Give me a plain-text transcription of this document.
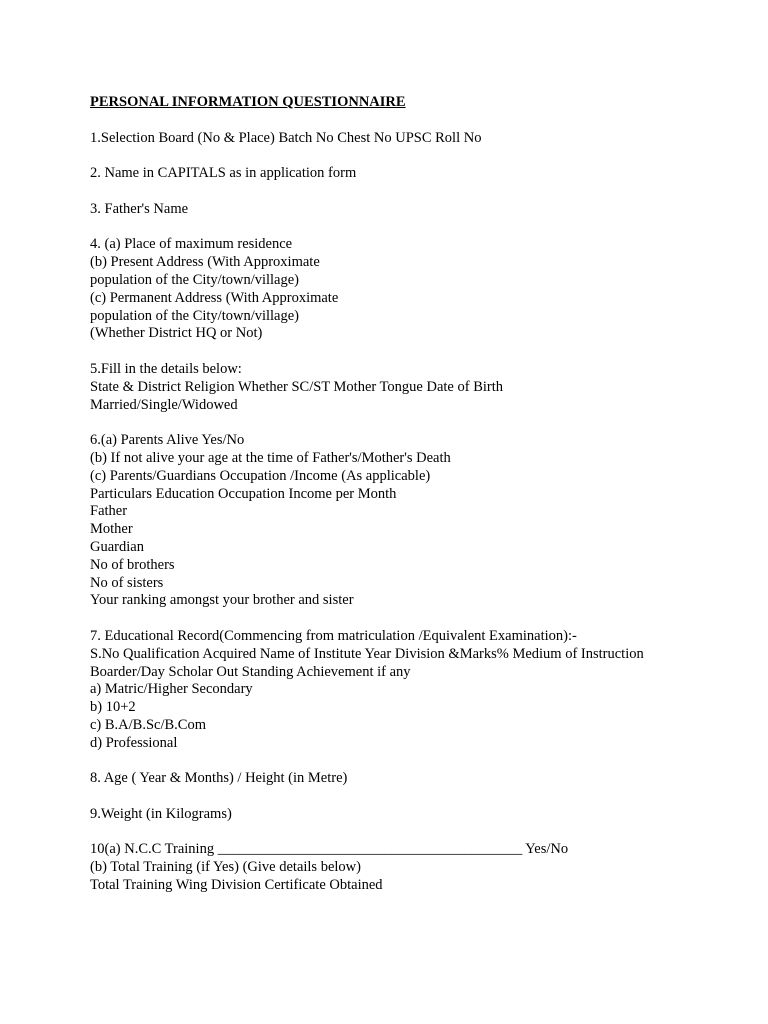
PERSONAL INFORMATION QUESTIONNAIRE
1.Selection Board (No & Place) Batch No Chest No UPSC Roll No
2. Name in CAPITALS as in application form
3. Father's Name
4. (a) Place of maximum residence
(b) Present Address (With Approximate
population of the City/town/village)
(c) Permanent Address (With Approximate
population of the City/town/village)
(Whether District HQ or Not)
5.Fill in the details below:
State & District Religion Whether SC/ST Mother Tongue Date of Birth
Married/Single/Widowed
6.(a) Parents Alive Yes/No
(b) If not alive your age at the time of Father's/Mother's Death
(c) Parents/Guardians Occupation /Income (As applicable)
Particulars Education Occupation Income per Month
Father
Mother
Guardian
No of brothers
No of sisters
Your ranking amongst your brother and sister
7. Educational Record(Commencing from matriculation /Equivalent Examination):-
S.No Qualification Acquired Name of Institute Year Division &Marks% Medium of Instruction
Boarder/Day Scholar Out Standing Achievement if any
a) Matric/Higher Secondary
b) 10+2
c) B.A/B.Sc/B.Com
d) Professional
8. Age ( Year & Months) / Height (in Metre)
9.Weight (in Kilograms)
10(a) N.C.C Training __________________________________________ Yes/No
(b) Total Training (if Yes) (Give details below)
Total Training Wing Division Certificate Obtained
